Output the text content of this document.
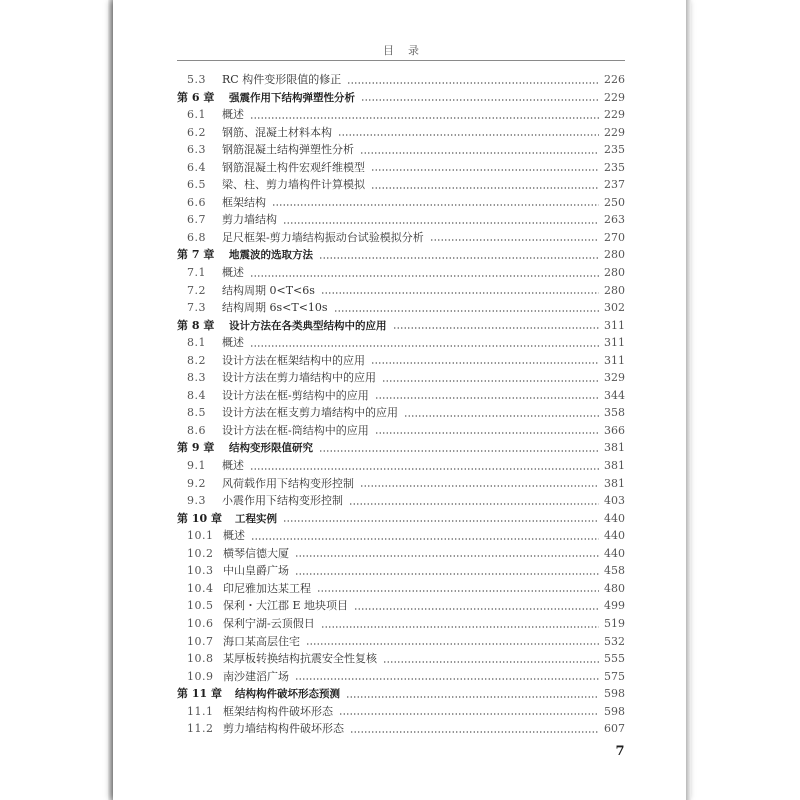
目录
5.3	RC 构件变形限值的修正	226
第 6 章	强震作用下结构弹塑性分析	229
6.1	概述	229
6.2	钢筋、混凝土材料本构	229
6.3	钢筋混凝土结构弹塑性分析	235
6.4	钢筋混凝土构件宏观纤维模型	235
6.5	梁、柱、剪力墙构件计算模拟	237
6.6	框架结构	250
6.7	剪力墙结构	263
6.8	足尺框架-剪力墙结构振动台试验模拟分析	270
第 7 章	地震波的选取方法	280
7.1	概述	280
7.2	结构周期 0<T<6s	280
7.3	结构周期 6s<T<10s	302
第 8 章	设计方法在各类典型结构中的应用	311
8.1	概述	311
8.2	设计方法在框架结构中的应用	311
8.3	设计方法在剪力墙结构中的应用	329
8.4	设计方法在框-剪结构中的应用	344
8.5	设计方法在框支剪力墙结构中的应用	358
8.6	设计方法在框-筒结构中的应用	366
第 9 章	结构变形限值研究	381
9.1	概述	381
9.2	风荷载作用下结构变形控制	381
9.3	小震作用下结构变形控制	403
第 10 章	工程实例	440
10.1 概述	440
10.2 横琴信德大厦	440
10.3 中山皇爵广场	458
10.4 印尼雅加达某工程	480
10.5 保利・大江郡 E 地块项目	499
10.6 保利宁湖-云顶假日	519
10.7 海口某高层住宅	532
10.8 某厚板转换结构抗震安全性复核	555
10.9 南沙建滔广场	575
第 11 章	结构构件破坏形态预测	598
11.1 框架结构构件破坏形态	598
11.2 剪力墙结构构件破坏形态	607
7
